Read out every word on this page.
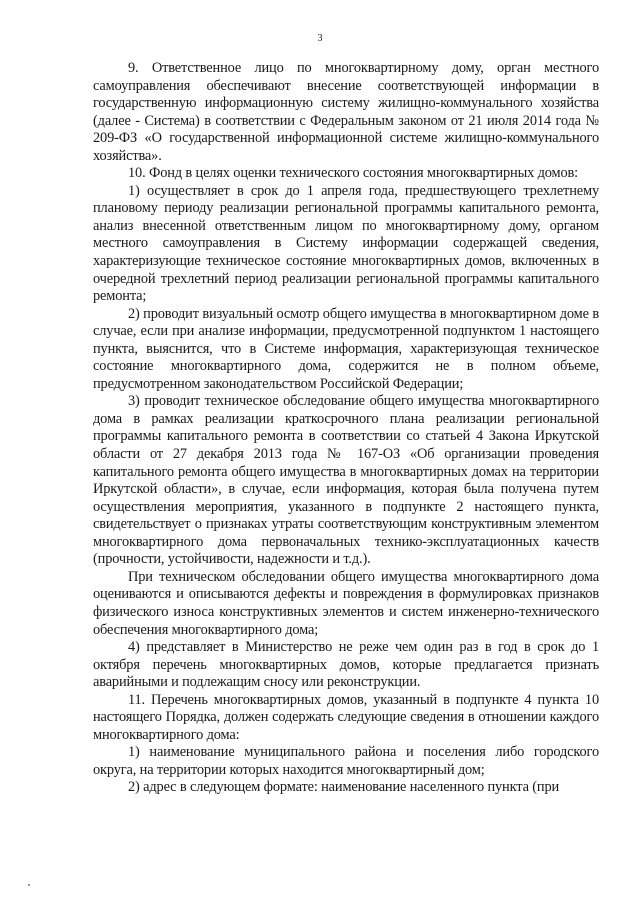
3

9. Ответственное лицо по многоквартирному дому, орган местного самоуправления обеспечивают внесение соответствующей информации в государственную информационную систему жилищно-коммунального хозяйства (далее - Система) в соответствии с Федеральным законом от 21 июля 2014 года № 209-ФЗ «О государственной информационной системе жилищно-коммунального хозяйства».

10. Фонд в целях оценки технического состояния многоквартирных домов:

1) осуществляет в срок до 1 апреля года, предшествующего трехлетнему плановому периоду реализации региональной программы капитального ремонта, анализ внесенной ответственным лицом по многоквартирному дому, органом местного самоуправления в Систему информации содержащей сведения, характеризующие техническое состояние многоквартирных домов, включенных в очередной трехлетний период реализации региональной программы капитального ремонта;

2) проводит визуальный осмотр общего имущества в многоквартирном доме в случае, если при анализе информации, предусмотренной подпунктом 1 настоящего пункта, выяснится, что в Системе информация, характеризующая техническое состояние многоквартирного дома, содержится не в полном объеме, предусмотренном законодательством Российской Федерации;

3) проводит техническое обследование общего имущества многоквартирного дома в рамках реализации краткосрочного плана реализации региональной программы капитального ремонта в соответствии со статьей 4 Закона Иркутской области от 27 декабря 2013 года № 167-ОЗ «Об организации проведения капитального ремонта общего имущества в многоквартирных домах на территории Иркутской области», в случае, если информация, которая была получена путем осуществления мероприятия, указанного в подпункте 2 настоящего пункта, свидетельствует о признаках утраты соответствующим конструктивным элементом многоквартирного дома первоначальных технико-эксплуатационных качеств (прочности, устойчивости, надежности и т.д.).

При техническом обследовании общего имущества многоквартирного дома оцениваются и описываются дефекты и повреждения в формулировках признаков физического износа конструктивных элементов и систем инженерно-технического обеспечения многоквартирного дома;

4) представляет в Министерство не реже чем один раз в год в срок до 1 октября перечень многоквартирных домов, которые предлагается признать аварийными и подлежащим сносу или реконструкции.

11. Перечень многоквартирных домов, указанный в подпункте 4 пункта 10 настоящего Порядка, должен содержать следующие сведения в отношении каждого многоквартирного дома:

1) наименование муниципального района и поселения либо городского округа, на территории которых находится многоквартирный дом;

2) адрес в следующем формате: наименование населенного пункта (при
